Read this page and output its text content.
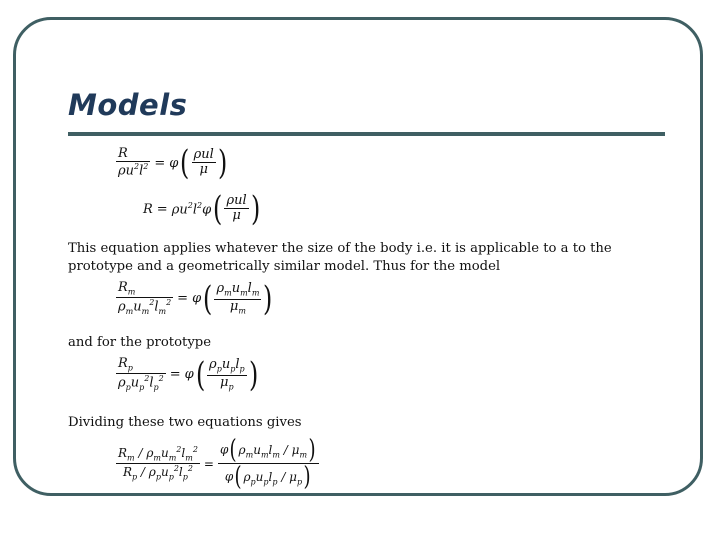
Models
$\frac{R}{\rho u^2l^2} = \varphi$ ( $\frac{\text{ρul}}{\mu}$ )
$R = \rho u^2l^2\varphi$ ( $\frac{\text{ρul}}{\mu}$ )
This equation applies whatever the size of the body i.e. it is applicable to a to the prototype and a geometrically similar model. Thus for the model
$\frac{R_m}{\rho_mu_m^2l_m^2} = \varphi$ ( $\frac{\rho_mu_ml_m}{\mu_m}$ )
and for the prototype
$\frac{R_p}{\rho_pu_p^2l_p^2} = \varphi$ ( $\frac{\rho_pu_pl_p}{\mu_p}$ )
Dividing these two equations gives
$\frac{R_m / \rho_mu_m^2l_m^2}{R_p / \rho_pu_p^2l_p^2} = \frac{\varphi( \rho_mu_ml_m / \mu_m)}{\varphi( \rho_pu_pl_p / \mu_p)}$
